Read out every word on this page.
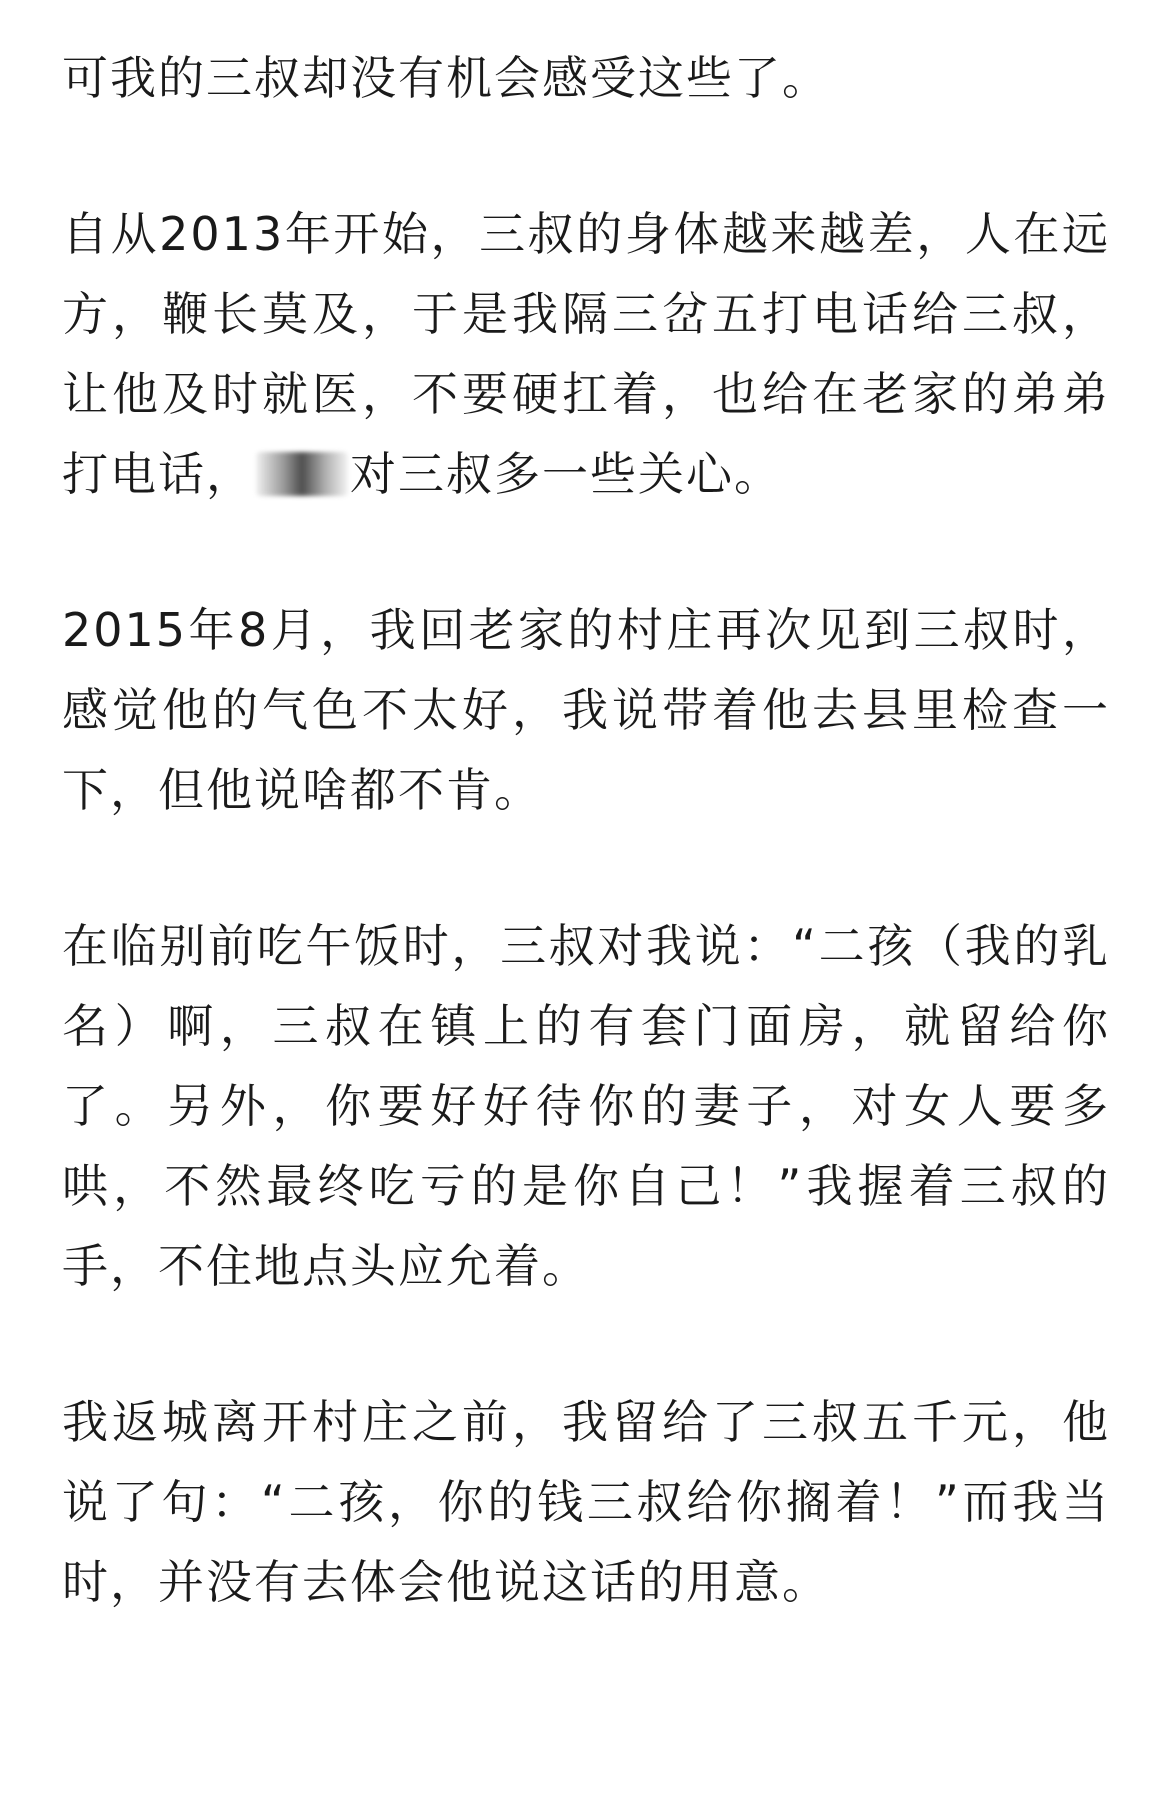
可我的三叔却没有机会感受这些了。

自从2013年开始，三叔的身体越来越差，人在远方，鞭长莫及，于是我隔三岔五打电话给三叔，让他及时就医，不要硬扛着，也给在老家的弟弟打电话， 对三叔多一些关心。

2015年8月，我回老家的村庄再次见到三叔时，感觉他的气色不太好，我说带着他去县里检查一下，但他说啥都不肯。

在临别前吃午饭时，三叔对我说：“二孩（我的乳名）啊，三叔在镇上的有套门面房，就留给你了。另外，你要好好待你的妻子，对女人要多哄，不然最终吃亏的是你自己！”我握着三叔的手，不住地点头应允着。

我返城离开村庄之前，我留给了三叔五千元，他说了句：“二孩，你的钱三叔给你搁着！”而我当时，并没有去体会他说这话的用意。
